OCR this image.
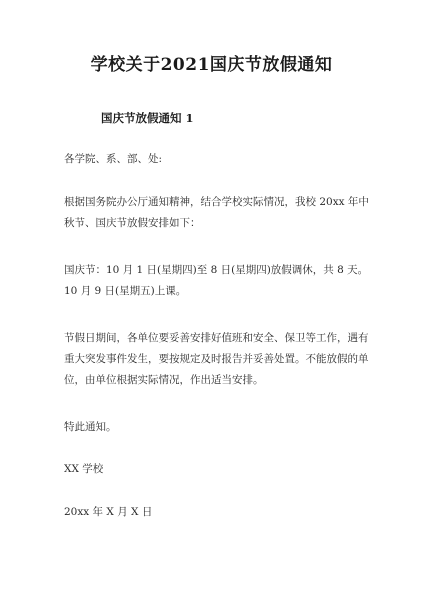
学校关于2021国庆节放假通知
国庆节放假通知 1
各学院、系、部、处:
根据国务院办公厅通知精神，结合学校实际情况，我校 20xx 年中秋节、国庆节放假安排如下：
国庆节：10 月 1 日(星期四)至 8 日(星期四)放假调休，共 8 天。10 月 9 日(星期五)上课。
节假日期间，各单位要妥善安排好值班和安全、保卫等工作，遇有重大突发事件发生，要按规定及时报告并妥善处置。不能放假的单位，由单位根据实际情况，作出适当安排。
特此通知。
XX 学校
20xx 年 X 月 X 日
